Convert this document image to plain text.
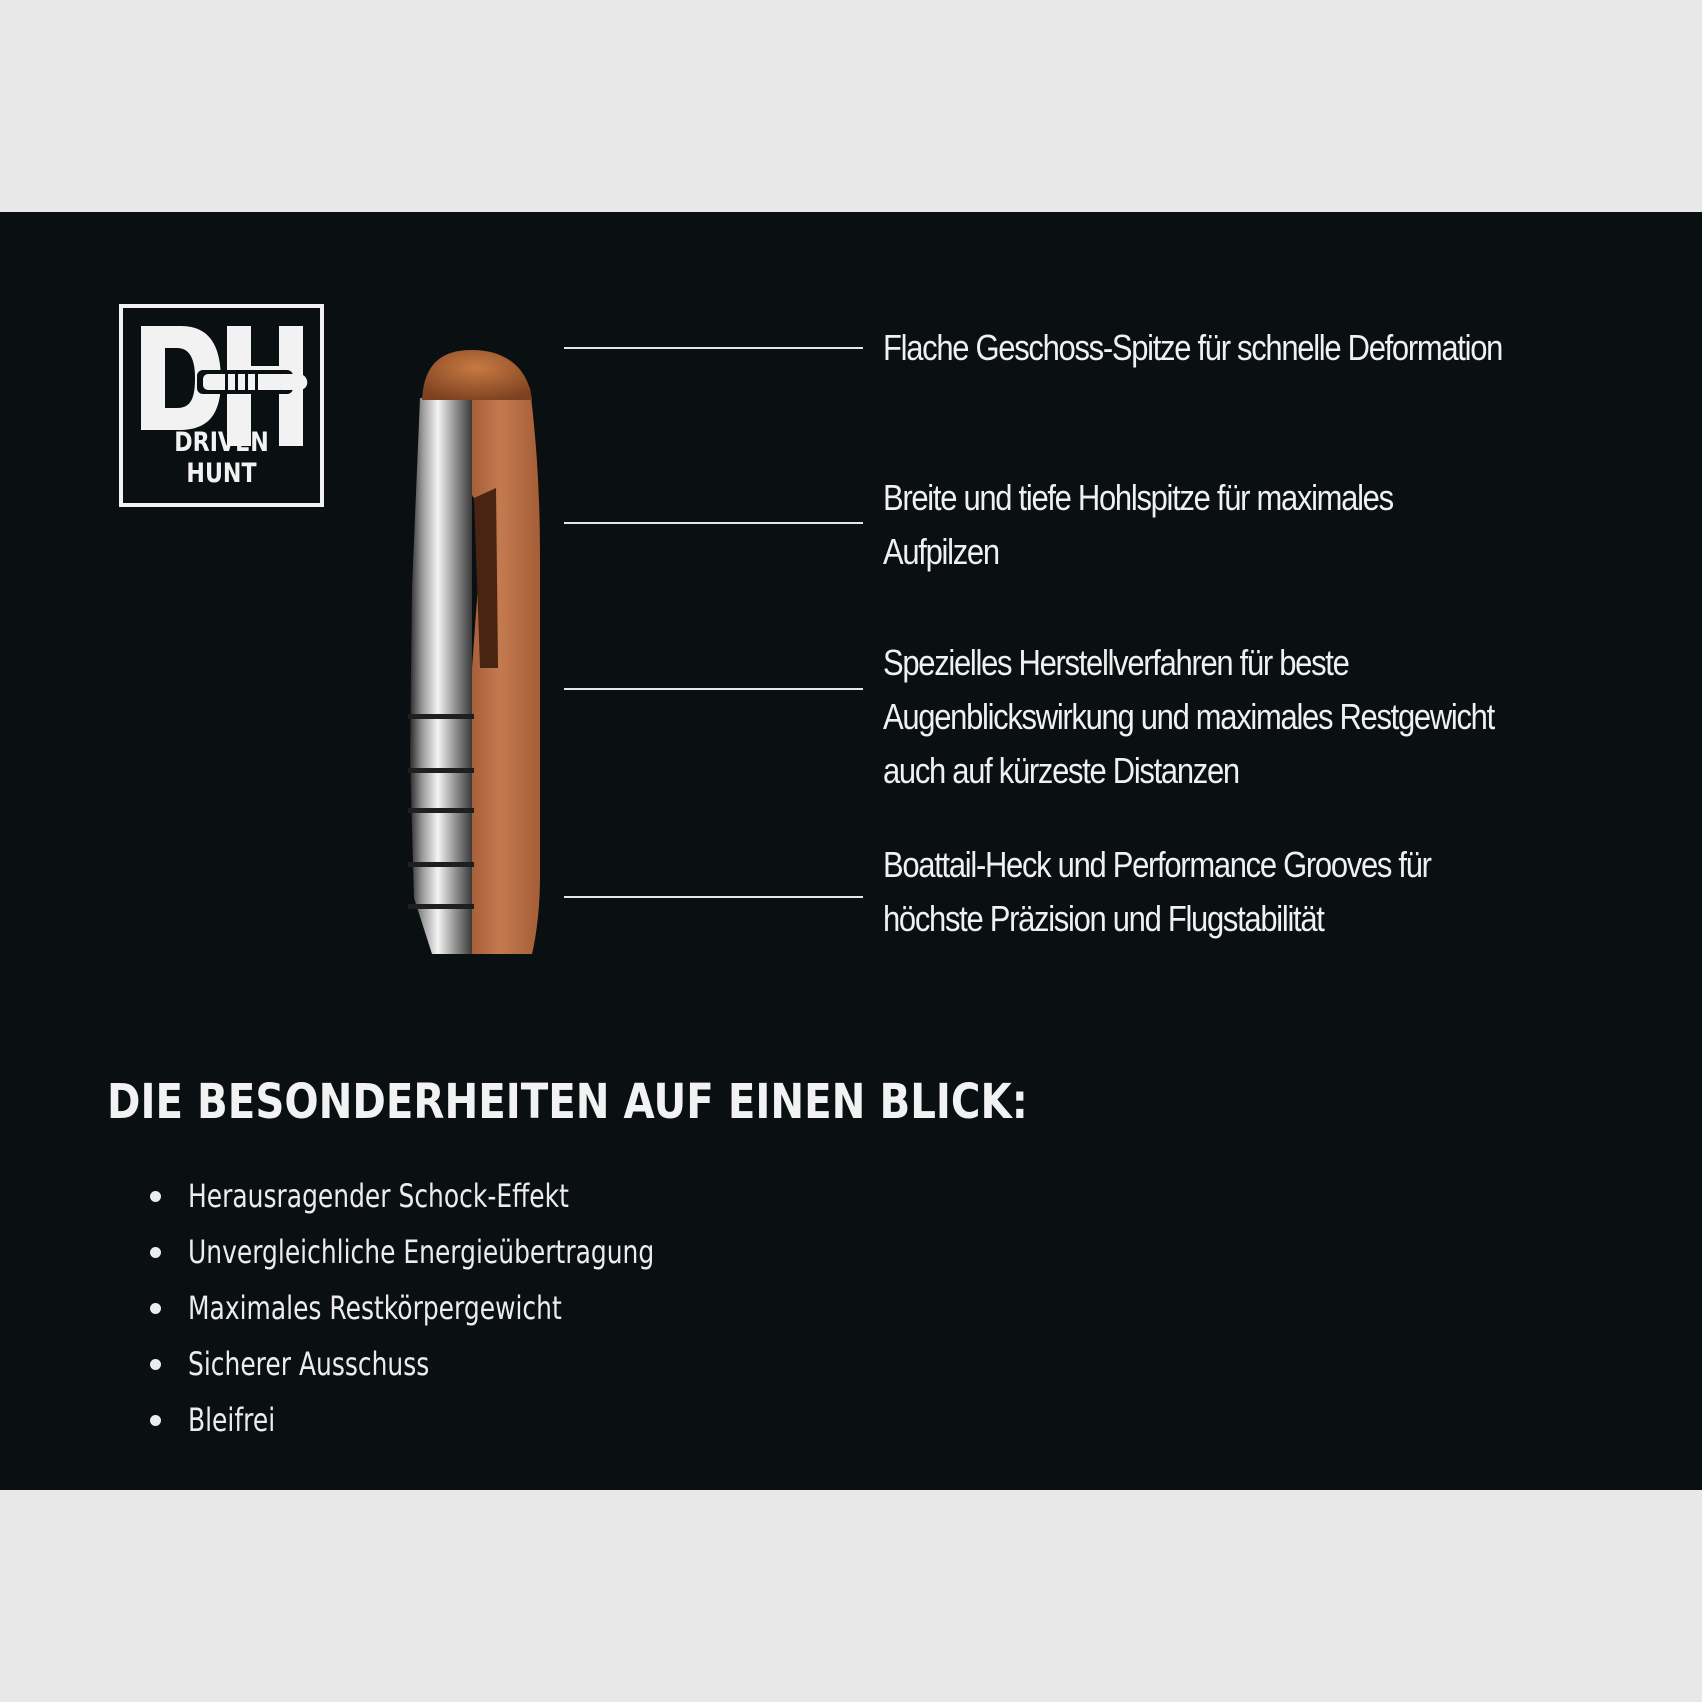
DRIVEN HUNT
Flache Geschoss-Spitze für schnelle Deformation
Breite und tiefe Hohlspitze für maximales
Aufpilzen
Spezielles Herstellverfahren für beste
Augenblickswirkung und maximales Restgewicht
auch auf kürzeste Distanzen
Boattail-Heck und Performance Grooves für
höchste Präzision und Flugstabilität
DIE BESONDERHEITEN AUF EINEN BLICK:
Herausragender Schock-Effekt
Unvergleichliche Energieübertragung
Maximales Restkörpergewicht
Sicherer Ausschuss
Bleifrei
